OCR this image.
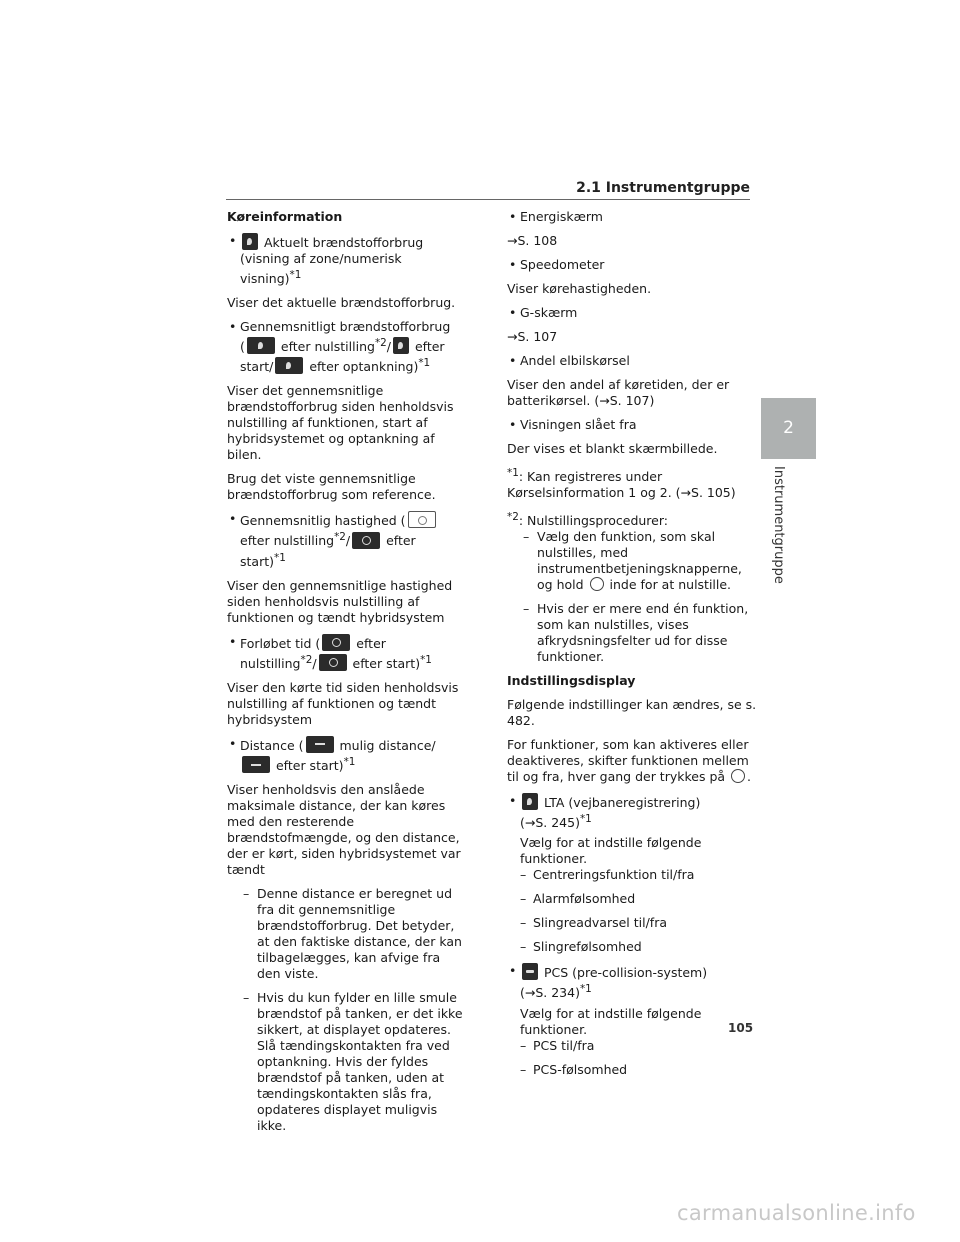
2.1 Instrumentgruppe
2
Instrumentgruppe

Køreinformation

• Aktuelt brændstofforbrug
(visning af zone/numerisk visning)$^{*1}$

Viser det aktuelle brændstofforbrug.

• Gennemsnitligt brændstofforbrug
(	efter nulstilling$^{*2}$/ efter
start/	efter optankning)$^{*1}$

Viser det gennemsnitlige brændstofforbrug siden henholdsvis nulstilling af funktionen, start af hybridsystemet og optankning af bilen.

Brug det viste gennemsnitlige brændstofforbrug som reference.

• Gennemsnitlig hastighed (
efter nulstilling$^{*2}$/	efter start)$^{*1}$

Viser den gennemsnitlige hastighed siden henholdsvis nulstilling af funktionen og tændt hybridsystem

• Forløbet tid (	efter
nulstilling$^{*2}$/	efter start)$^{*1}$

Viser den kørte tid siden henholdsvis nulstilling af funktionen og tændt hybridsystem

• Distance (	mulig distance/
efter start)$^{*1}$

Viser henholdsvis den anslåede maksimale distance, der kan køres med den resterende brændstofmængde, og den distance, der er kørt, siden hybridsystemet var tændt

– Denne distance er beregnet ud fra dit gennemsnitlige brændstofforbrug. Det betyder, at den faktiske distance, der kan tilbagelægges, kan afvige fra den viste.

– Hvis du kun fylder en lille smule brændstof på tanken, er det ikke sikkert, at displayet opdateres. Slå tændingskontakten fra ved optankning. Hvis der fyldes brændstof på tanken, uden at tændingskontakten slås fra, opdateres displayet muligvis ikke.

• Energiskærm

→S. 108

• Speedometer

Viser kørehastigheden.

• G-skærm

→S. 107

• Andel elbilskørsel

Viser den andel af køretiden, der er batterikørsel. (→S. 107)

• Visningen slået fra

Der vises et blankt skærmbillede.

$^{*1}$: Kan registreres under Kørselsinformation 1 og 2. (→S. 105)

$^{*2}$: Nulstillingsprocedurer:

– Vælg den funktion, som skal nulstilles, med instrumentbetjeningsknapperne, og hold inde for at nulstille.

– Hvis der er mere end én funktion, som kan nulstilles, vises afkrydsningsfelter ud for disse funktioner.

Indstillingsdisplay

Følgende indstillinger kan ændres, se s. 482.

For funktioner, som kan aktiveres eller deaktiveres, skifter funktionen mellem til og fra, hver gang der trykkes på .

• LTA (vejbaneregistrering)
(→S. 245)$^{*1}$

Vælg for at indstille følgende funktioner.

– Centreringsfunktion til/fra

– Alarmfølsomhed

– Slingreadvarsel til/fra

– Slingrefølsomhed

• PCS (pre-collision-system)
(→S. 234)$^{*1}$

Vælg for at indstille følgende funktioner.

– PCS til/fra

– PCS-følsomhed

105
carmanualsonline.info
